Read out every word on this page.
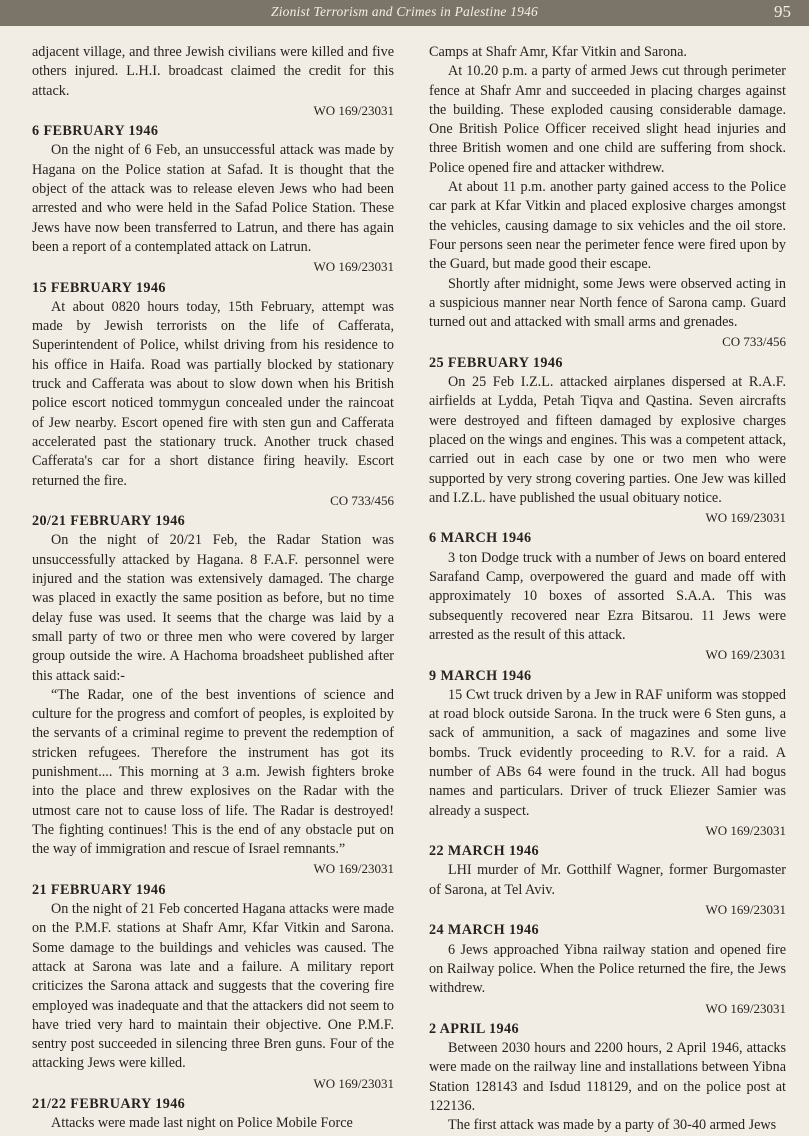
Zionist Terrorism and Crimes in Palestine 1946	95

adjacent village, and three Jewish civilians were killed and five others injured. L.H.I. broadcast claimed the credit for this attack.

WO 169/23031
6 FEBRUARY 1946

On the night of 6 Feb, an unsuccessful attack was made by Hagana on the Police station at Safad. It is thought that the object of the attack was to release eleven Jews who had been arrested and who were held in the Safad Police Station. These Jews have now been transferred to Latrun, and there has again been a report of a contemplated attack on Latrun.

WO 169/23031
15 FEBRUARY 1946

At about 0820 hours today, 15th February, attempt was made by Jewish terrorists on the life of Cafferata, Superintendent of Police, whilst driving from his residence to his office in Haifa. Road was partially blocked by stationary truck and Cafferata was about to slow down when his British police escort noticed tommygun concealed under the raincoat of Jew nearby. Escort opened fire with sten gun and Cafferata accelerated past the stationary truck. Another truck chased Cafferata's car for a short distance firing heavily. Escort returned the fire.

CO 733/456
20/21 FEBRUARY 1946

On the night of 20/21 Feb, the Radar Station was unsuccessfully attacked by Hagana. 8 F.A.F. personnel were injured and the station was extensively damaged. The charge was placed in exactly the same position as before, but no time delay fuse was used. It seems that the charge was laid by a small party of two or three men who were covered by larger group outside the wire. A Hachoma broadsheet published after this attack said:-

“The Radar, one of the best inventions of science and culture for the progress and comfort of peoples, is exploited by the servants of a criminal regime to prevent the redemption of stricken refugees. Therefore the instrument has got its punishment.... This morning at 3 a.m. Jewish fighters broke into the place and threw explosives on the Radar with the utmost care not to cause loss of life. The Radar is destroyed! The fighting continues! This is the end of any obstacle put on the way of immigration and rescue of Israel remnants.”

WO 169/23031
21 FEBRUARY 1946

On the night of 21 Feb concerted Hagana attacks were made on the P.M.F. stations at Shafr Amr, Kfar Vitkin and Sarona. Some damage to the buildings and vehicles was caused. The attack at Sarona was late and a failure. A military report criticizes the Sarona attack and suggests that the covering fire employed was inadequate and that the attackers did not seem to have tried very hard to maintain their objective. One P.M.F. sentry post succeeded in silencing three Bren guns. Four of the attacking Jews were killed.

WO 169/23031
21/22 FEBRUARY 1946

Attacks were made last night on Police Mobile Force

Camps at Shafr Amr, Kfar Vitkin and Sarona.

At 10.20 p.m. a party of armed Jews cut through perimeter fence at Shafr Amr and succeeded in placing charges against the building. These exploded causing considerable damage. One British Police Officer received slight head injuries and three British women and one child are suffering from shock. Police opened fire and attacker withdrew.

At about 11 p.m. another party gained access to the Police car park at Kfar Vitkin and placed explosive charges amongst the vehicles, causing damage to six vehicles and the oil store. Four persons seen near the perimeter fence were fired upon by the Guard, but made good their escape.

Shortly after midnight, some Jews were observed acting in a suspicious manner near North fence of Sarona camp. Guard turned out and attacked with small arms and grenades.

CO 733/456
25 FEBRUARY 1946

On 25 Feb I.Z.L. attacked airplanes dispersed at R.A.F. airfields at Lydda, Petah Tiqva and Qastina. Seven aircrafts were destroyed and fifteen damaged by explosive charges placed on the wings and engines. This was a competent attack, carried out in each case by one or two men who were supported by very strong covering parties. One Jew was killed and I.Z.L. have published the usual obituary notice.

WO 169/23031
6 MARCH 1946

3 ton Dodge truck with a number of Jews on board entered Sarafand Camp, overpowered the guard and made off with approximately 10 boxes of assorted S.A.A. This was subsequently recovered near Ezra Bitsarou. 11 Jews were arrested as the result of this attack.

WO 169/23031
9 MARCH 1946

15 Cwt truck driven by a Jew in RAF uniform was stopped at road block outside Sarona. In the truck were 6 Sten guns, a sack of ammunition, a sack of magazines and some live bombs. Truck evidently proceeding to R.V. for a raid. A number of ABs 64 were found in the truck. All had bogus names and particulars. Driver of truck Eliezer Samier was already a suspect.

WO 169/23031
22 MARCH 1946

LHI murder of Mr. Gotthilf Wagner, former Burgomaster of Sarona, at Tel Aviv.

WO 169/23031
24 MARCH 1946

6 Jews approached Yibna railway station and opened fire on Railway police. When the Police returned the fire, the Jews withdrew.

WO 169/23031
2 APRIL 1946

Between 2030 hours and 2200 hours, 2 April 1946, attacks were made on the railway line and installations between Yibna Station 128143 and Isdud 118129, and on the police post at 122136.

The first attack was made by a party of 30-40 armed Jews
